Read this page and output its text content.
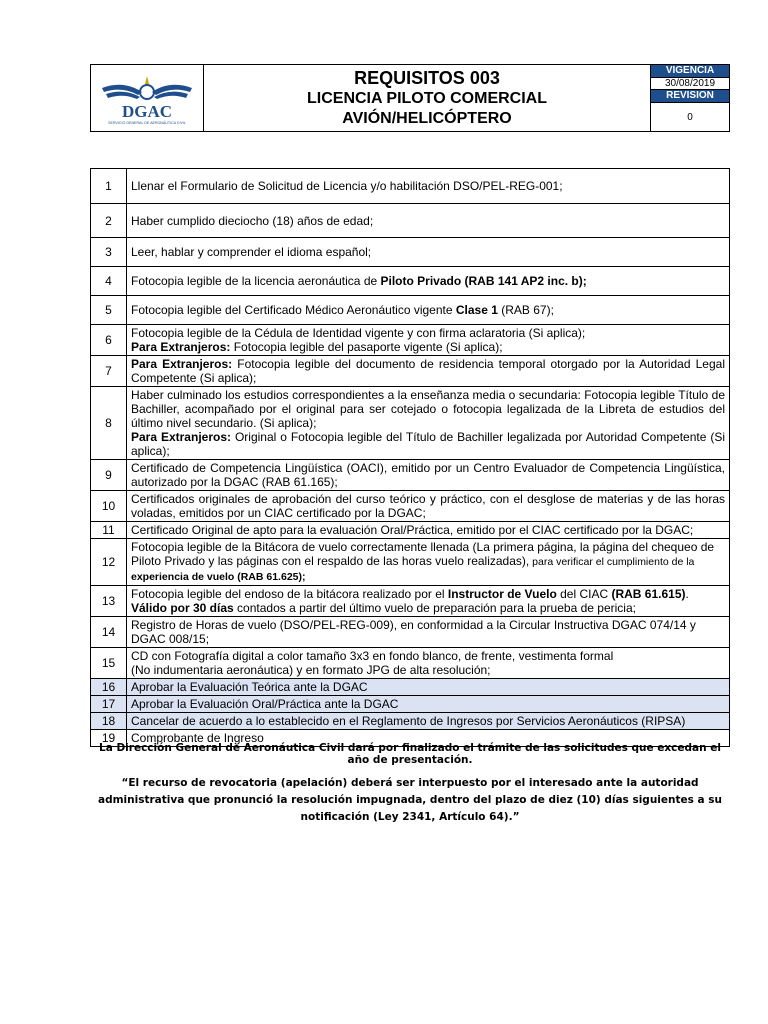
DGAC
SERVICIO GENERAL DE AERONÁUTICA CIVIL

REQUISITOS 003
LICENCIA PILOTO COMERCIAL
AVIÓN/HELICÓPTERO
	VIGENCIA
30/08/2019
REVISION
0
1	Llenar el Formulario de Solicitud de Licencia y/o habilitación DSO/PEL-REG-001;
2	Haber cumplido dieciocho (18) años de edad;
3	Leer, hablar y comprender el idioma español;
4	Fotocopia legible de la licencia aeronáutica de Piloto Privado (RAB 141 AP2 inc. b);
5	Fotocopia legible del Certificado Médico Aeronáutico vigente Clase 1 (RAB 67);
6	Fotocopia legible de la Cédula de Identidad vigente y con firma aclaratoria (Si aplica);
Para Extranjeros: Fotocopia legible del pasaporte vigente (Si aplica);
7	Para Extranjeros: Fotocopia legible del documento de residencia temporal otorgado por la Autoridad Legal Competente (Si aplica);
8	Haber culminado los estudios correspondientes a la enseñanza media o secundaria: Fotocopia legible Título de Bachiller, acompañado por el original para ser cotejado o fotocopia legalizada de la Libreta de estudios del último nivel secundario. (Si aplica);
Para Extranjeros: Original o Fotocopia legible del Título de Bachiller legalizada por Autoridad Competente (Si aplica);
9	Certificado de Competencia Lingüística (OACI), emitido por un Centro Evaluador de Competencia Lingüística, autorizado por la DGAC (RAB 61.165);
10	Certificados originales de aprobación del curso teórico y práctico, con el desglose de materias y de las horas voladas, emitidos por un CIAC certificado por la DGAC;
11	Certificado Original de apto para la evaluación Oral/Práctica, emitido por el CIAC certificado por la DGAC;
12	Fotocopia legible de la Bitácora de vuelo correctamente llenada (La primera página, la página del chequeo de Piloto Privado y las páginas con el respaldo de las horas vuelo realizadas), para verificar el cumplimiento de la experiencia de vuelo (RAB 61.625);
13	Fotocopia legible del endoso de la bitácora realizado por el Instructor de Vuelo del CIAC (RAB 61.615).
Válido por 30 días contados a partir del último vuelo de preparación para la prueba de pericia;
14	Registro de Horas de vuelo (DSO/PEL-REG-009), en conformidad a la Circular Instructiva DGAC 074/14 y DGAC 008/15;
15	CD con Fotografía digital a color tamaño 3x3 en fondo blanco, de frente, vestimenta formal
(No indumentaria aeronáutica) y en formato JPG de alta resolución;
16	Aprobar la Evaluación Teórica ante la DGAC
17	Aprobar la Evaluación Oral/Práctica ante la DGAC
18	Cancelar de acuerdo a lo establecido en el Reglamento de Ingresos por Servicios Aeronáuticos (RIPSA)
19	Comprobante de Ingreso
La Dirección General de Aeronáutica Civil dará por finalizado el trámite de las solicitudes que excedan el año de presentación.
“El recurso de revocatoria (apelación) deberá ser interpuesto por el interesado ante la autoridad administrativa que pronunció la resolución impugnada, dentro del plazo de diez (10) días siguientes a su notificación (Ley 2341, Artículo 64).”
